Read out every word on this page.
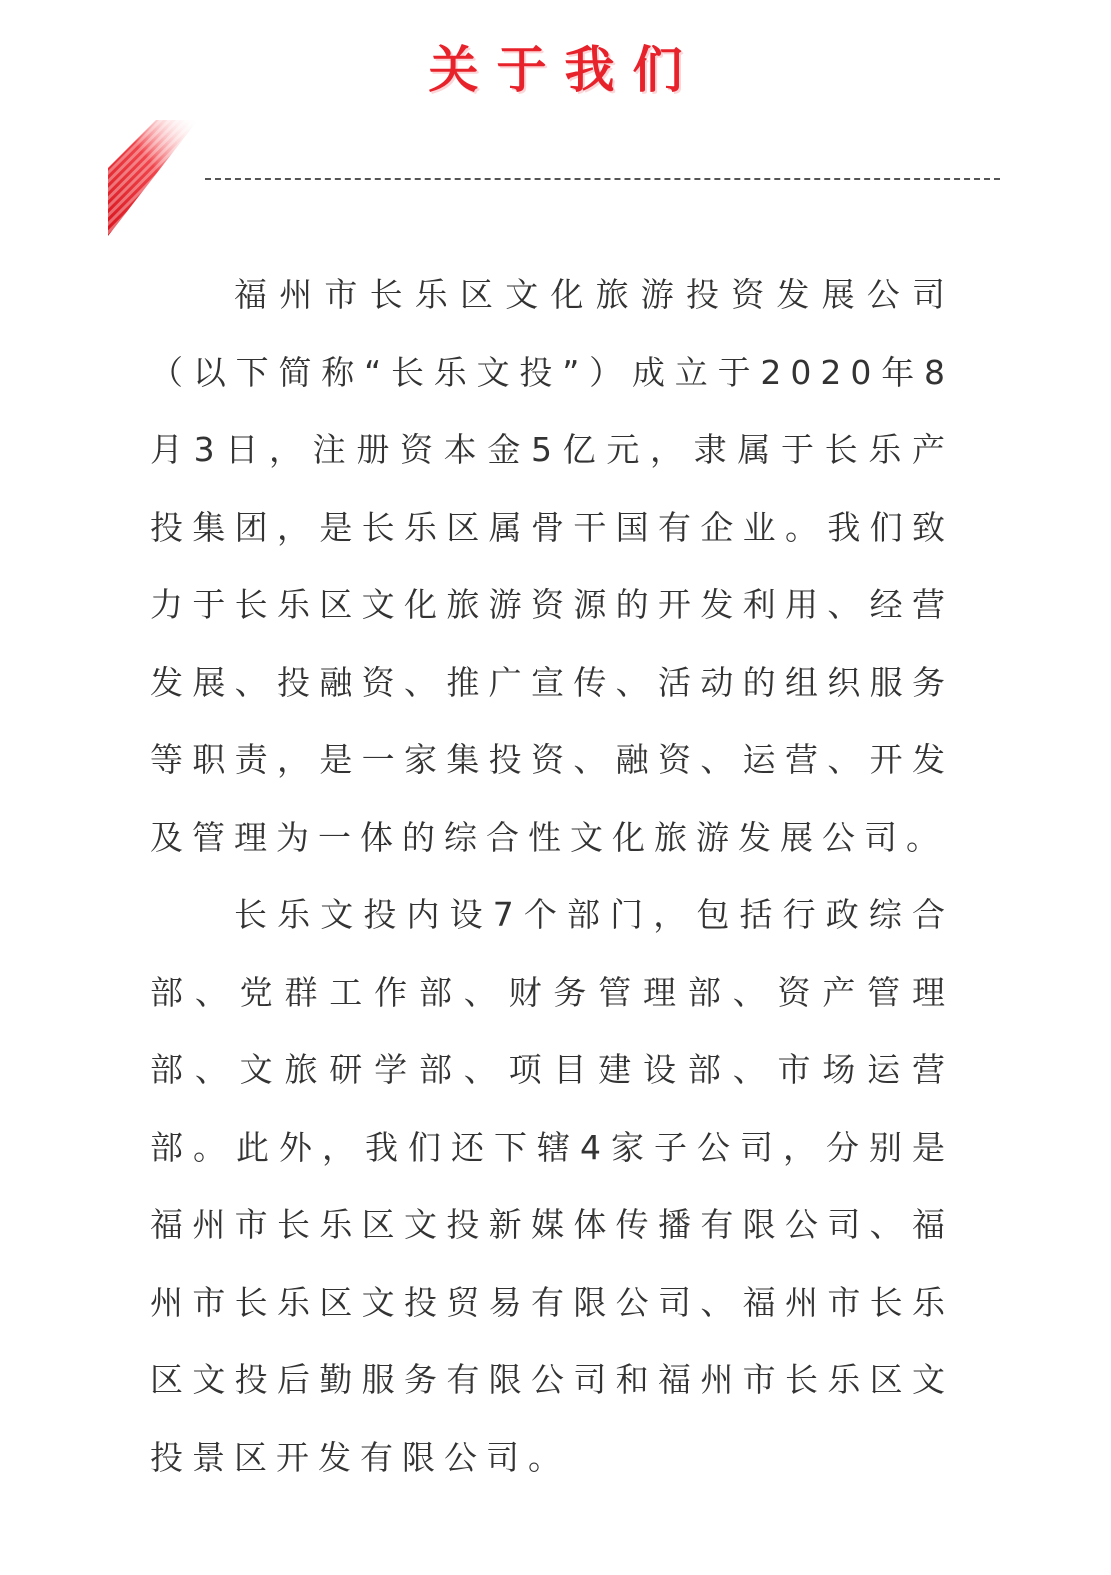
关于我们

福州市长乐区文化旅游投资发展公司（以下简称“长乐文投”）成立于2020年8月3日，注册资本金5亿元，隶属于长乐产投集团，是长乐区属骨干国有企业。我们致力于长乐区文化旅游资源的开发利用、经营发展、投融资、推广宣传、活动的组织服务等职责，是一家集投资、融资、运营、开发及管理为一体的综合性文化旅游发展公司。

长乐文投内设7个部门，包括行政综合部、党群工作部、财务管理部、资产管理部、文旅研学部、项目建设部、市场运营部。此外，我们还下辖4家子公司，分别是福州市长乐区文投新媒体传播有限公司、福州市长乐区文投贸易有限公司、福州市长乐区文投后勤服务有限公司和福州市长乐区文投景区开发有限公司。
